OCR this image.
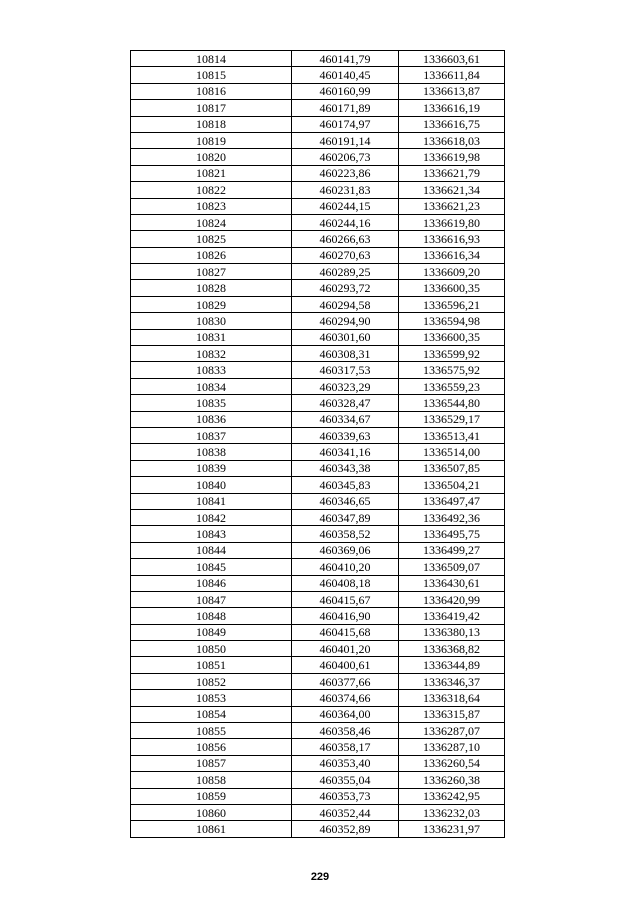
10814	460141,79	1336603,61
10815	460140,45	1336611,84
10816	460160,99	1336613,87
10817	460171,89	1336616,19
10818	460174,97	1336616,75
10819	460191,14	1336618,03
10820	460206,73	1336619,98
10821	460223,86	1336621,79
10822	460231,83	1336621,34
10823	460244,15	1336621,23
10824	460244,16	1336619,80
10825	460266,63	1336616,93
10826	460270,63	1336616,34
10827	460289,25	1336609,20
10828	460293,72	1336600,35
10829	460294,58	1336596,21
10830	460294,90	1336594,98
10831	460301,60	1336600,35
10832	460308,31	1336599,92
10833	460317,53	1336575,92
10834	460323,29	1336559,23
10835	460328,47	1336544,80
10836	460334,67	1336529,17
10837	460339,63	1336513,41
10838	460341,16	1336514,00
10839	460343,38	1336507,85
10840	460345,83	1336504,21
10841	460346,65	1336497,47
10842	460347,89	1336492,36
10843	460358,52	1336495,75
10844	460369,06	1336499,27
10845	460410,20	1336509,07
10846	460408,18	1336430,61
10847	460415,67	1336420,99
10848	460416,90	1336419,42
10849	460415,68	1336380,13
10850	460401,20	1336368,82
10851	460400,61	1336344,89
10852	460377,66	1336346,37
10853	460374,66	1336318,64
10854	460364,00	1336315,87
10855	460358,46	1336287,07
10856	460358,17	1336287,10
10857	460353,40	1336260,54
10858	460355,04	1336260,38
10859	460353,73	1336242,95
10860	460352,44	1336232,03
10861	460352,89	1336231,97
229
